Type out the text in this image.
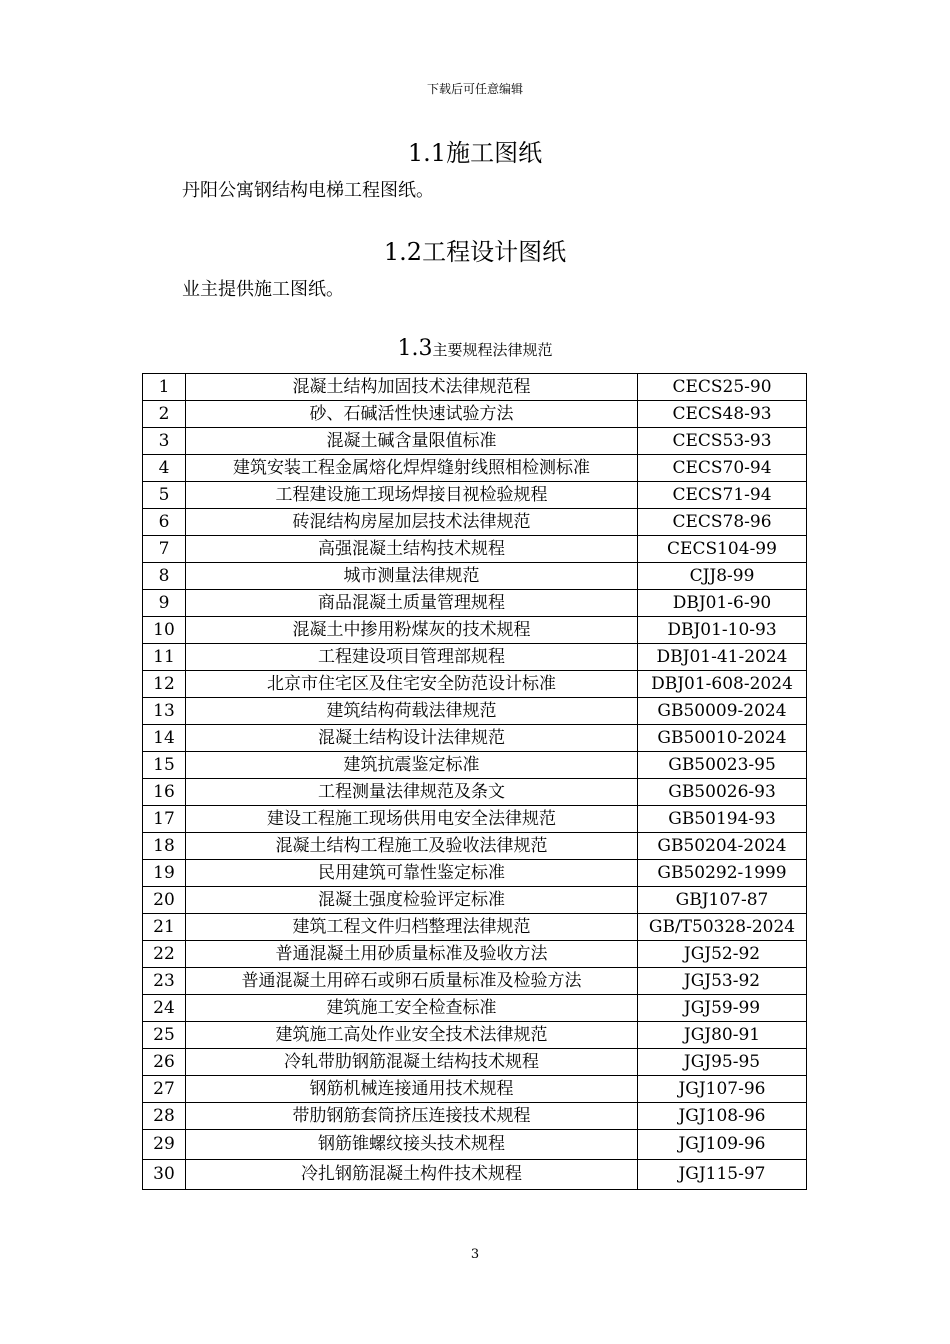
下载后可任意编辑
1.1施工图纸
丹阳公寓钢结构电梯工程图纸。
1.2工程设计图纸
业主提供施工图纸。
1.3主要规程法律规范
1	混凝土结构加固技术法律规范程	CECS25-90
2	砂、石碱活性快速试验方法	CECS48-93
3	混凝土碱含量限值标准	CECS53-93
4	建筑安装工程金属熔化焊焊缝射线照相检测标准	CECS70-94
5	工程建设施工现场焊接目视检验规程	CECS71-94
6	砖混结构房屋加层技术法律规范	CECS78-96
7	高强混凝土结构技术规程	CECS104-99
8	城市测量法律规范	CJJ8-99
9	商品混凝土质量管理规程	DBJ01-6-90
10	混凝土中掺用粉煤灰的技术规程	DBJ01-10-93
11	工程建设项目管理部规程	DBJ01-41-2024
12	北京市住宅区及住宅安全防范设计标准	DBJ01-608-2024
13	建筑结构荷载法律规范	GB50009-2024
14	混凝土结构设计法律规范	GB50010-2024
15	建筑抗震鉴定标准	GB50023-95
16	工程测量法律规范及条文	GB50026-93
17	建设工程施工现场供用电安全法律规范	GB50194-93
18	混凝土结构工程施工及验收法律规范	GB50204-2024
19	民用建筑可靠性鉴定标准	GB50292-1999
20	混凝土强度检验评定标准	GBJ107-87
21	建筑工程文件归档整理法律规范	GB/T50328-2024
22	普通混凝土用砂质量标准及验收方法	JGJ52-92
23	普通混凝土用碎石或卵石质量标准及检验方法	JGJ53-92
24	建筑施工安全检查标准	JGJ59-99
25	建筑施工高处作业安全技术法律规范	JGJ80-91
26	冷轧带肋钢筋混凝土结构技术规程	JGJ95-95
27	钢筋机械连接通用技术规程	JGJ107-96
28	带肋钢筋套筒挤压连接技术规程	JGJ108-96
29	钢筋锥螺纹接头技术规程	JGJ109-96
30	冷扎钢筋混凝土构件技术规程	JGJ115-97
3
